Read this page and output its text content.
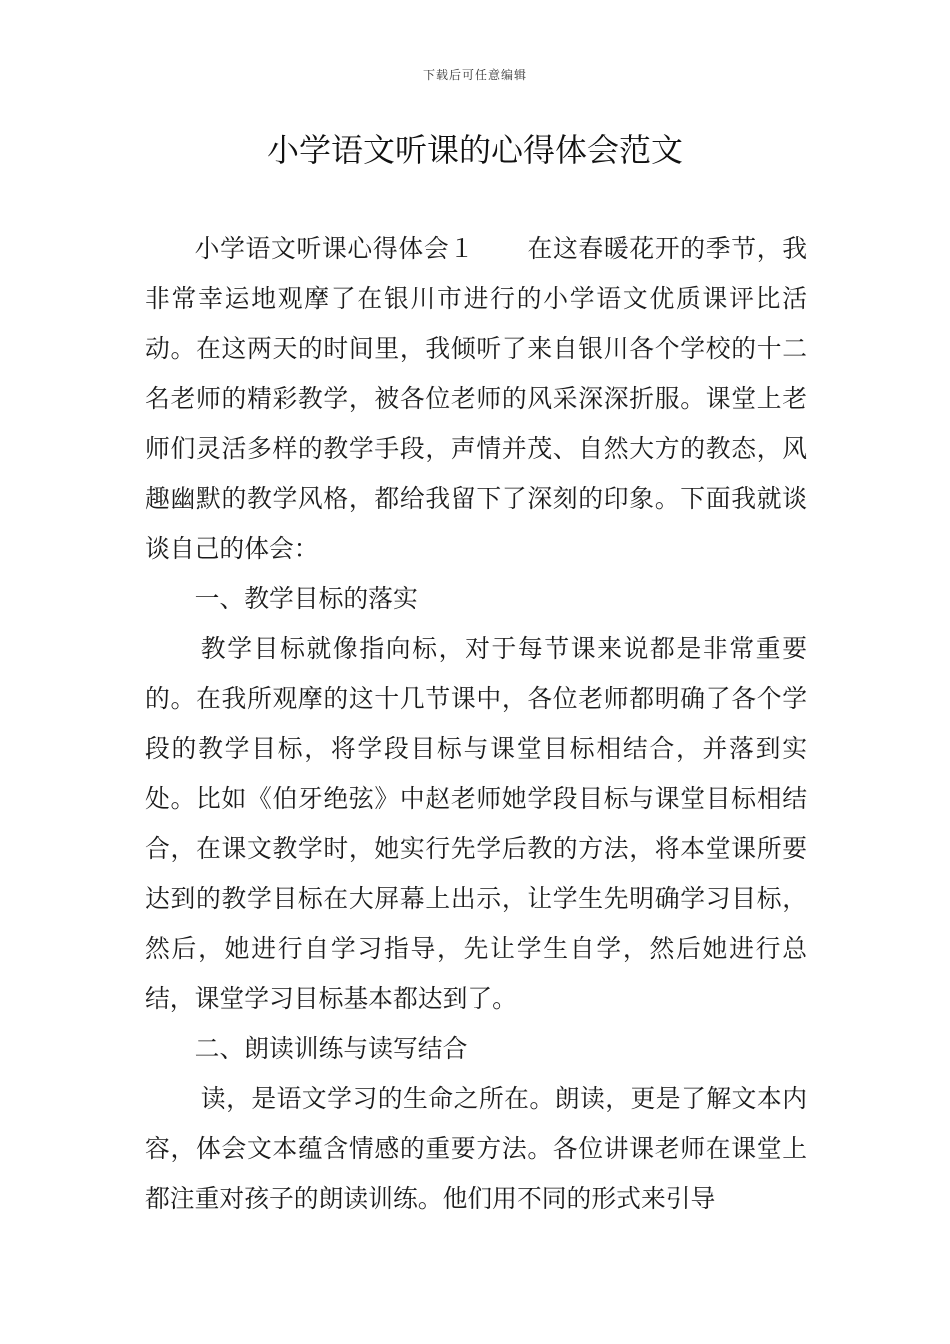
下载后可任意编辑
小学语文听课的心得体会范文

小学语文听课心得体会１ 在这春暖花开的季节，我非常幸运地观摩了在银川市进行的小学语文优质课评比活动。在这两天的时间里，我倾听了来自银川各个学校的十二名老师的精彩教学，被各位老师的风采深深折服。课堂上老师们灵活多样的教学手段，声情并茂、自然大方的教态，风趣幽默的教学风格，都给我留下了深刻的印象。下面我就谈谈自己的体会：

一、教学目标的落实

教学目标就像指向标，对于每节课来说都是非常重要的。在我所观摩的这十几节课中，各位老师都明确了各个学段的教学目标，将学段目标与课堂目标相结合，并落到实处。比如《伯牙绝弦》中赵老师她学段目标与课堂目标相结合，在课文教学时，她实行先学后教的方法，将本堂课所要达到的教学目标在大屏幕上出示，让学生先明确学习目标，然后，她进行自学习指导，先让学生自学，然后她进行总结，课堂学习目标基本都达到了。

二、朗读训练与读写结合

读，是语文学习的生命之所在。朗读，更是了解文本内容，体会文本蕴含情感的重要方法。各位讲课老师在课堂上都注重对孩子的朗读训练。他们用不同的形式来引导
